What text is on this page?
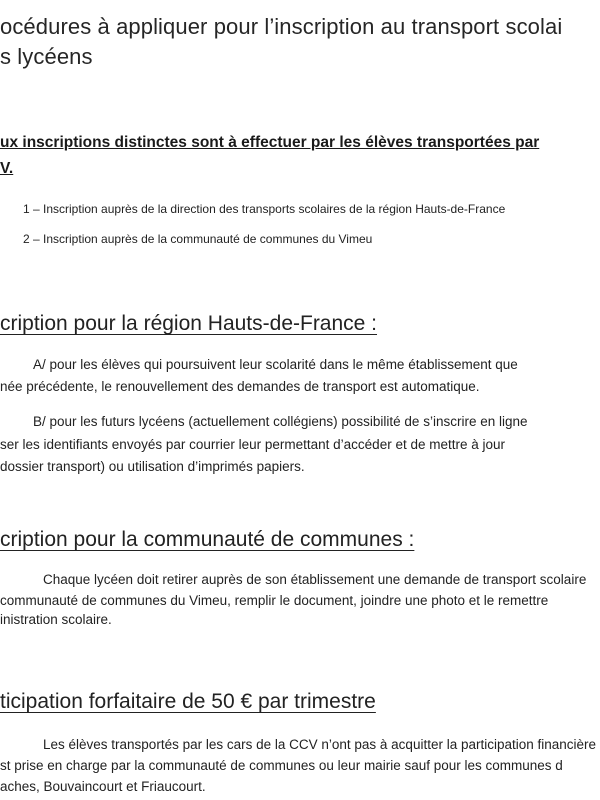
océdures à appliquer pour l’inscription au transport scolai

s lycéens

ux inscriptions distinctes sont à effectuer par les élèves transportées par

V.

1 – Inscription auprès de la direction des transports scolaires de la région Hauts-de-France

2 – Inscription auprès de la communauté de communes du Vimeu

cription pour la région Hauts-de-France :

A/ pour les élèves qui poursuivent leur scolarité dans le même établissement que

née précédente, le renouvellement des demandes de transport est automatique.

B/ pour les futurs lycéens (actuellement collégiens) possibilité de s’inscrire en ligne

ser les identifiants envoyés par courrier leur permettant d’accéder et de mettre à jour

dossier transport) ou utilisation d’imprimés papiers.

cription pour la communauté de communes :

Chaque lycéen doit retirer auprès de son établissement une demande de transport scolaire

communauté de communes du Vimeu, remplir le document, joindre une photo et le remettre

inistration scolaire.

ticipation forfaitaire de 50 € par trimestre

Les élèves transportés par les cars de la CCV n’ont pas à acquitter la participation financière

st prise en charge par la communauté de communes ou leur mairie sauf pour les communes d

aches, Bouvaincourt et Friaucourt.
